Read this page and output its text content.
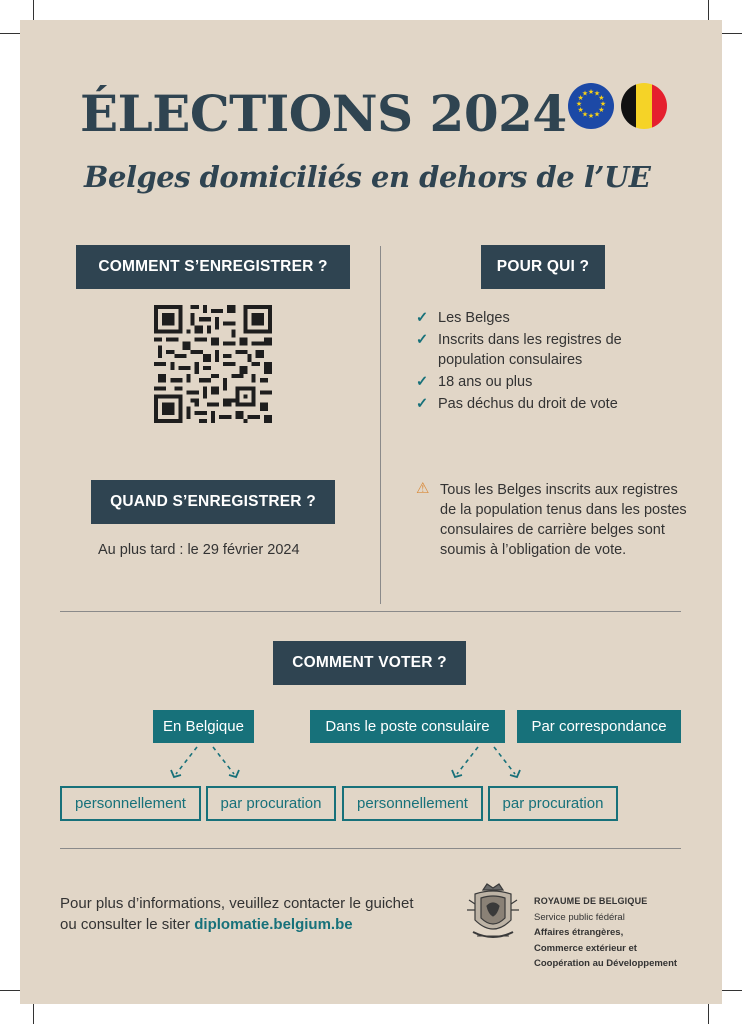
ÉLECTIONS 2024	★ ★
★
★
★
★
★
★
★
★
★
★
Belges domiciliés en dehors de l’UE
COMMENT S’ENREGISTRER ?
QUAND S’ENREGISTRER ?
Au plus tard : le 29 février 2024
POUR QUI ?
✓ Les Belges
✓ Inscrits dans les registres de population consulaires
✓ 18 ans ou plus
✓ Pas déchus du droit de vote
⚠ Tous les Belges inscrits aux registres de la population tenus dans les postes consulaires de carrière belges sont soumis à l’obligation de vote.
COMMENT VOTER ?
En Belgique	Dans le poste consulaire	Par correspondance
personnellement	par procuration	personnellement	par procuration
Pour plus d’informations, veuillez contacter le guichet
ou consulter le siter diplomatie.belgium.be
ROYAUME DE BELGIQUE
Service public fédéral
Affaires étrangères,
Commerce extérieur et
Coopération au Développement
